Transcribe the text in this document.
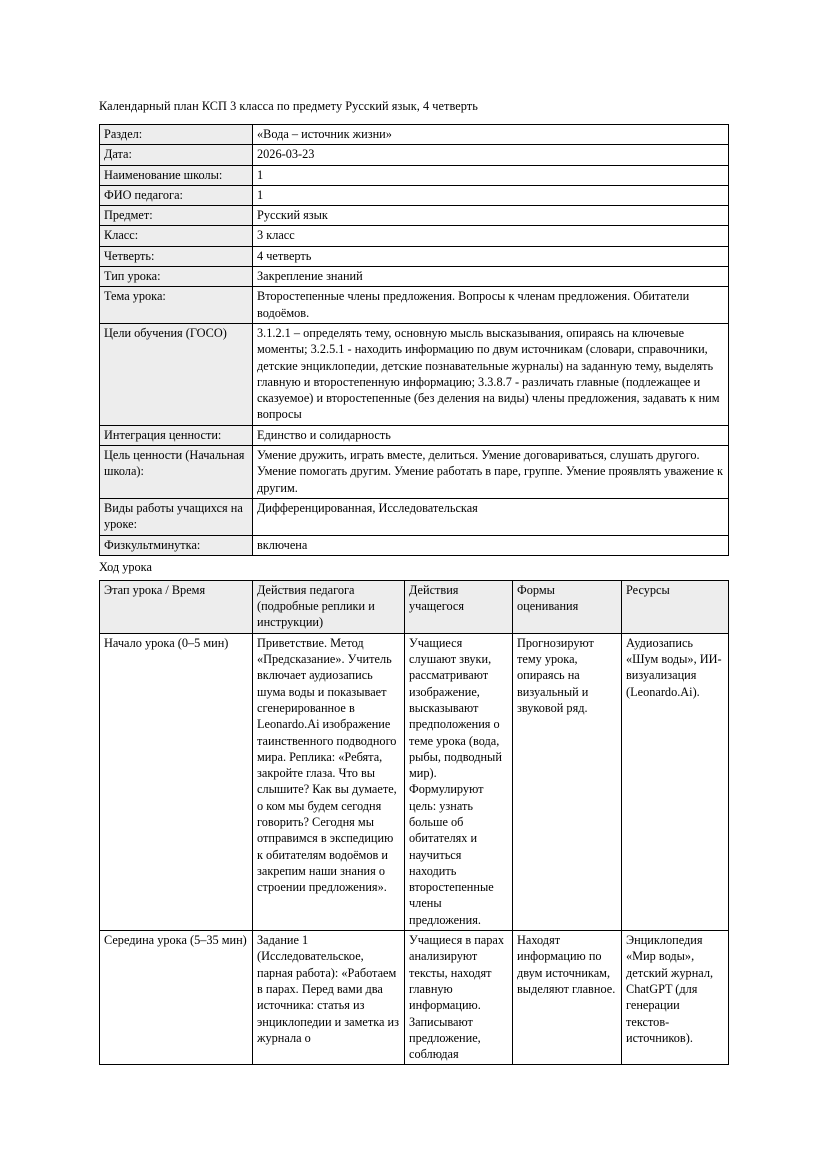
Календарный план КСП 3 класса по предмету Русский язык, 4 четверть

Раздел:	«Вода – источник жизни»
Дата:	2026-03-23
Наименование школы:	1
ФИО педагога:	1
Предмет:	Русский язык
Класс:	3 класс
Четверть:	4 четверть
Тип урока:	Закрепление знаний
Тема урока:	Второстепенные члены предложения. Вопросы к членам предложения. Обитатели водоёмов.
Цели обучения (ГОСО)	3.1.2.1 – определять тему, основную мысль высказывания, опираясь на ключевые моменты; 3.2.5.1 - находить информацию по двум источникам (словари, справочники, детские энциклопедии, детские познавательные журналы) на заданную тему, выделять главную и второстепенную информацию; 3.3.8.7 - различать главные (подлежащее и сказуемое) и второстепенные (без деления на виды) члены предложения, задавать к ним вопросы
Интеграция ценности:	Единство и солидарность
Цель ценности (Начальная школа):	Умение дружить, играть вместе, делиться. Умение договариваться, слушать другого. Умение помогать другим. Умение работать в паре, группе. Умение проявлять уважение к другим.
Виды работы учащихся на уроке:	Дифференцированная, Исследовательская
Физкультминутка:	включена

Ход урока

Этап урока / Время	Действия педагога (подробные реплики и инструкции)	Действия учащегося	Формы оценивания	Ресурсы
Начало урока (0–5 мин)	Приветствие. Метод «Предсказание». Учитель включает аудиозапись шума воды и показывает сгенерированное в Leonardo.Ai изображение таинственного подводного мира. Реплика: «Ребята, закройте глаза. Что вы слышите? Как вы думаете, о ком мы будем сегодня говорить? Сегодня мы отправимся в экспедицию к обитателям водоёмов и закрепим наши знания о строении предложения».	Учащиеся слушают звуки, рассматривают изображение, высказывают предположения о теме урока (вода, рыбы, подводный мир). Формулируют цель: узнать больше об обитателях и научиться находить второстепенные члены предложения.	Прогнозируют тему урока, опираясь на визуальный и звуковой ряд.	Аудиозапись «Шум воды», ИИ-визуализация (Leonardo.Ai).
Середина урока (5–35 мин)	Задание 1 (Исследовательское, парная работа): «Работаем в парах. Перед вами два источника: статья из энциклопедии и заметка из журнала о	Учащиеся в парах анализируют тексты, находят главную информацию. Записывают предложение, соблюдая	Находят информацию по двум источникам, выделяют главное.	Энциклопедия «Мир воды», детский журнал, ChatGPT (для генерации текстов-источников).
